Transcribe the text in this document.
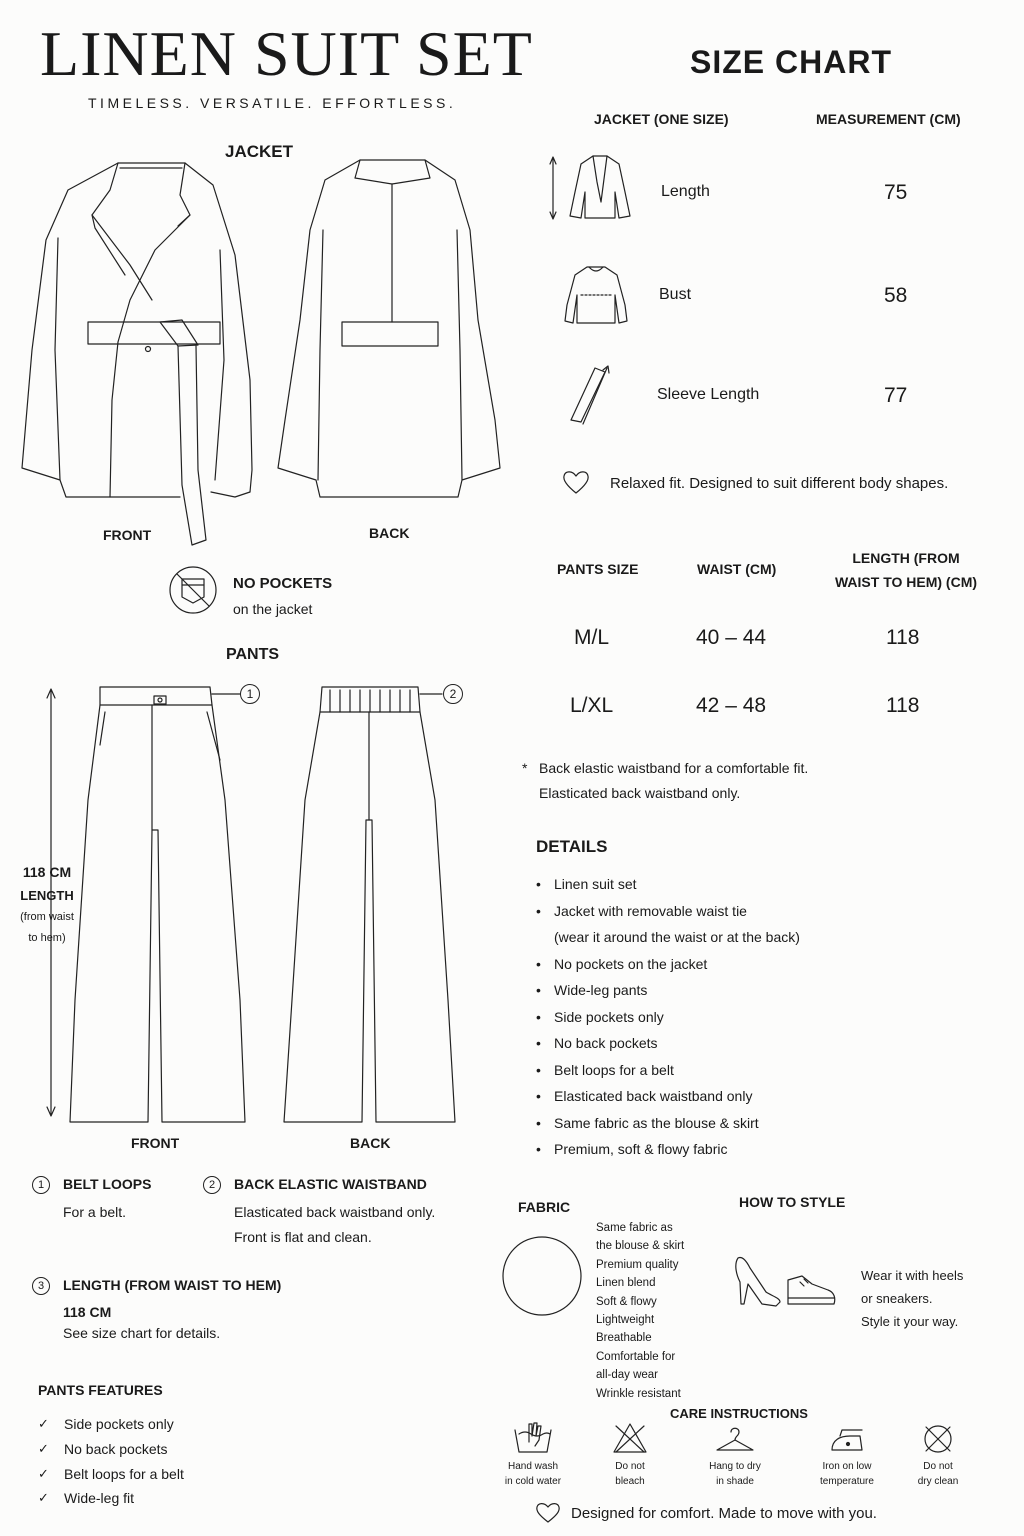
LINEN SUIT SET
TIMELESS. VERSATILE. EFFORTLESS.
SIZE CHART
JACKET
FRONT	BACK
NO POCKETS
on the jacket
PANTS
1	2
118 CM
LENGTH
(from waist
to hem)
FRONT	BACK
1	BELT LOOPS
For a belt.
2	BACK ELASTIC WAISTBAND
Elasticated back waistband only.
Front is flat and clean.
3	LENGTH (FROM WAIST TO HEM)
118 CM
See size chart for details.
PANTS FEATURES
✓	Side pockets only
✓	No back pockets
✓	Belt loops for a belt
✓	Wide-leg fit
JACKET (ONE SIZE)	MEASUREMENT (CM)
Length	75
Bust	58
Sleeve Length	77
Relaxed fit. Designed to suit different body shapes.
PANTS SIZE	WAIST (CM)
LENGTH (FROM
WAIST TO HEM) (CM)
M/L	40 – 44	118
L/XL	42 – 48	118
* Back elastic waistband for a comfortable fit.
Elasticated back waistband only.
DETAILS
• Linen suit set
• Jacket with removable waist tie
(wear it around the waist or at the back)
• No pockets on the jacket
• Wide-leg pants
• Side pockets only
• No back pockets
• Belt loops for a belt
• Elasticated back waistband only
• Same fabric as the blouse & skirt
• Premium, soft & flowy fabric
FABRIC
Same fabric as
the blouse & skirt
Premium quality
Linen blend
Soft & flowy
Lightweight
Breathable
Comfortable for
all-day wear
Wrinkle resistant
HOW TO STYLE
Wear it with heels
or sneakers.
Style it your way.
CARE INSTRUCTIONS
Hand wash
in cold water
Do not
bleach
Hang to dry
in shade
Iron on low
temperature
Do not
dry clean
Designed for comfort. Made to move with you.
